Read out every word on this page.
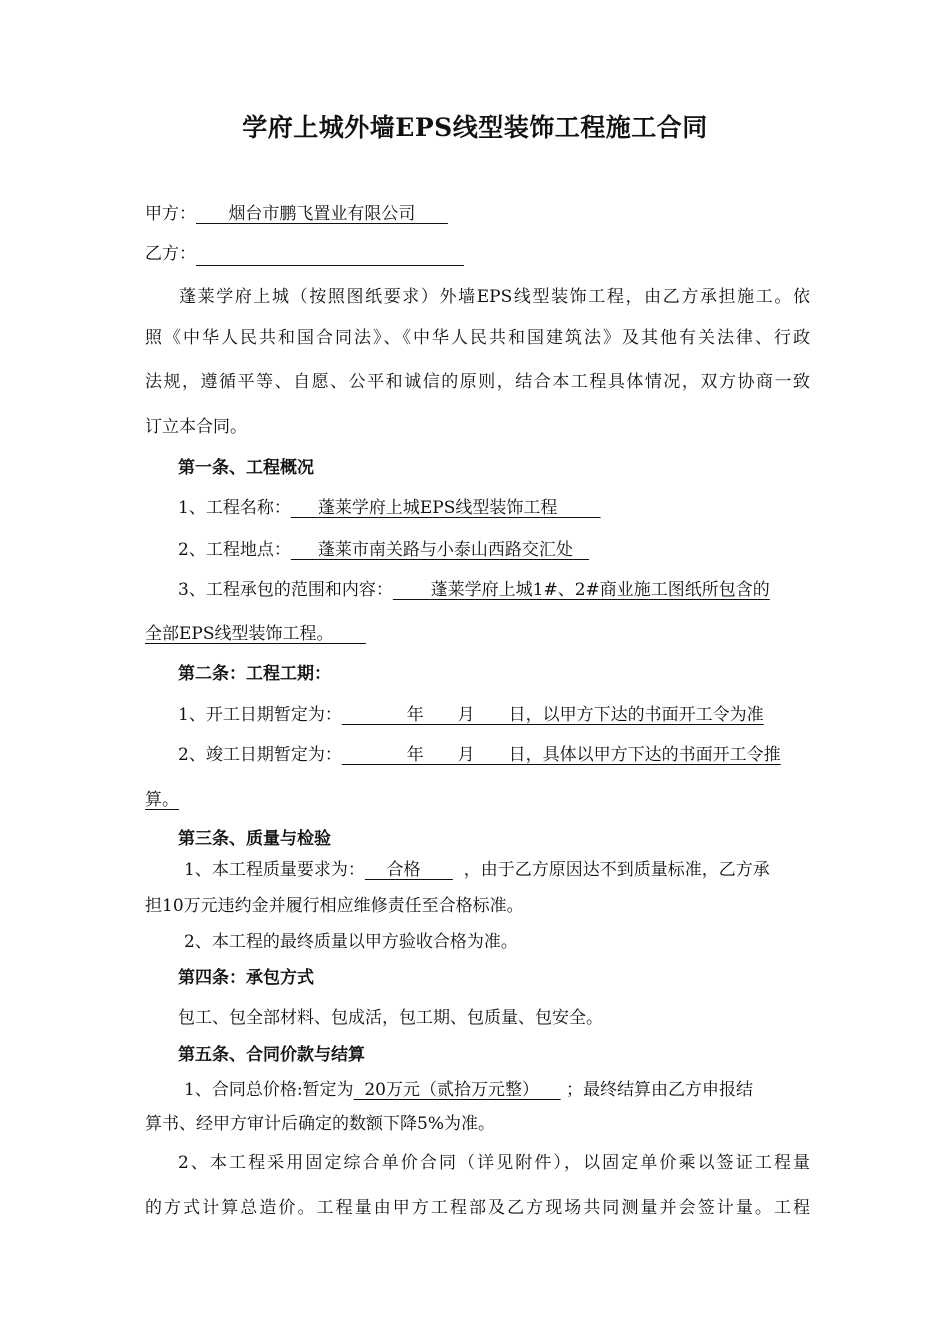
学府上城外墙EPS线型装饰工程施工合同
甲方： 烟台市鹏飞置业有限公司
乙方：
蓬莱学府上城（按照图纸要求）外墙EPS线型装饰工程，由乙方承担施工。依
照《中华人民共和国合同法》、《中华人民共和国建筑法》及其他有关法律、行政
法规，遵循平等、自愿、公平和诚信的原则，结合本工程具体情况，双方协商一致
订立本合同。
第一条、工程概况
1、工程名称： 蓬莱学府上城EPS线型装饰工程
2、工程地点： 蓬莱市南关路与小泰山西路交汇处
3、工程承包的范围和内容： 蓬莱学府上城1#、2#商业施工图纸所包含的
全部EPS线型装饰工程。
第二条：工程工期：
1、开工日期暂定为：	年　　月　　日，以甲方下达的书面开工令为准
2、竣工日期暂定为：	年　　月　　日，具体以甲方下达的书面开工令推
算。
第三条、质量与检验
1、本工程质量要求为： 合格	，由于乙方原因达不到质量标准，乙方承
担10万元违约金并履行相应维修责任至合格标准。
2、本工程的最终质量以甲方验收合格为准。
第四条：承包方式
包工、包全部材料、包成活，包工期、包质量、包安全。
第五条、合同价款与结算
1、合同总价格:暂定为 20万元（贰拾万元整） ；最终结算由乙方申报结
算书、经甲方审计后确定的数额下降5%为准。
2、本工程采用固定综合单价合同（详见附件），以固定单价乘以签证工程量
的方式计算总造价。工程量由甲方工程部及乙方现场共同测量并会签计量。工程
